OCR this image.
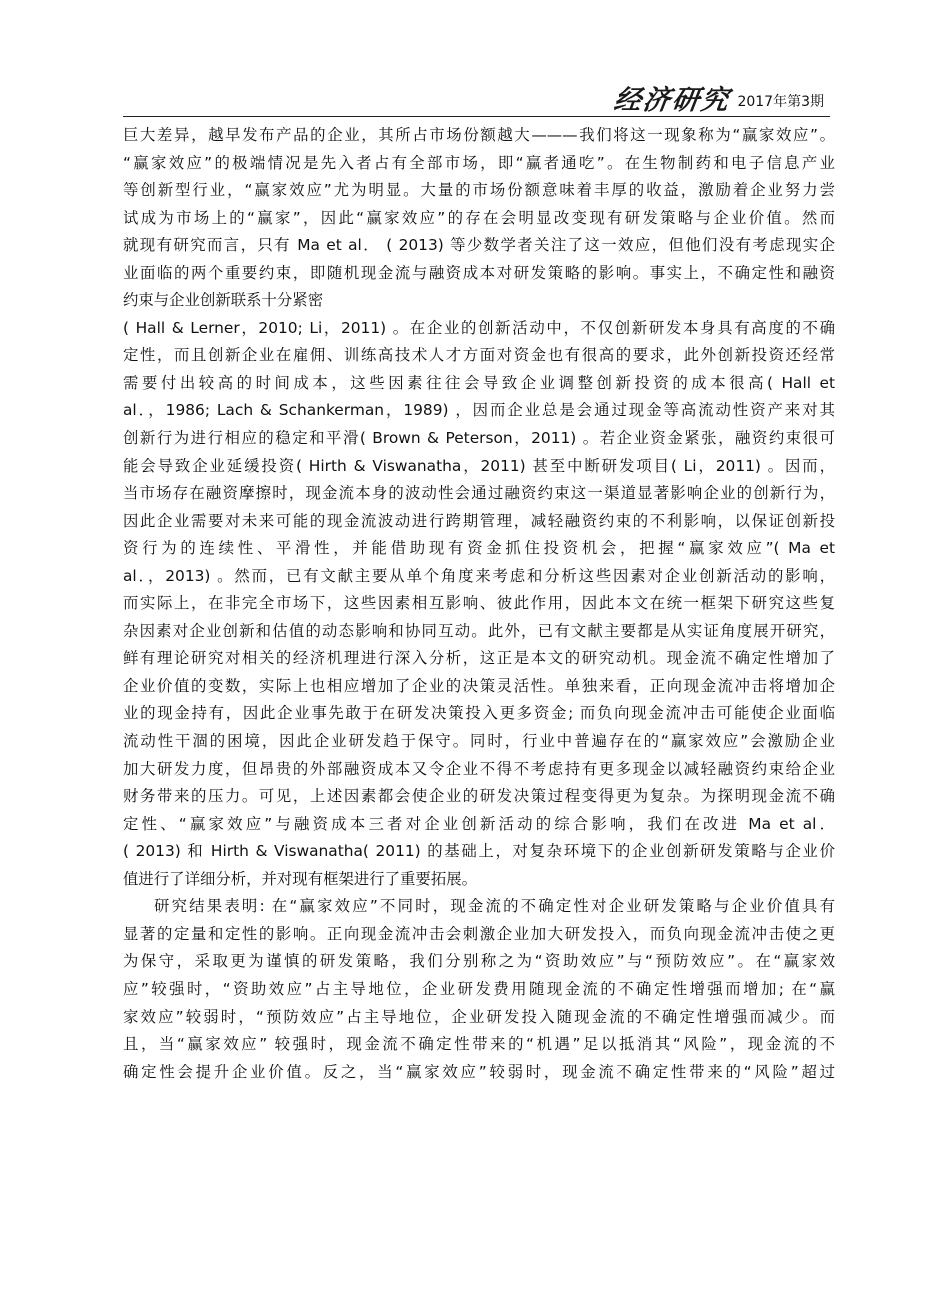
经济研究 2017年第3期
巨大差异，越早发布产品的企业，其所占市场份额越大———我们将这一现象称为“赢家效应”。
“赢家效应”的极端情况是先入者占有全部市场，即“赢者通吃”。在生物制药和电子信息产业
等创新型行业，“赢家效应”尤为明显。大量的市场份额意味着丰厚的收益，激励着企业努力尝
试成为市场上的“赢家”，因此“赢家效应”的存在会明显改变现有研发策略与企业价值。然而
就现有研究而言，只有 Ma et al． ( 2013) 等少数学者关注了这一效应，但他们没有考虑现实企
业面临的两个重要约束，即随机现金流与融资成本对研发策略的影响。事实上，不确定性和融资
约束与企业创新联系十分紧密
( Hall & Lerner，2010; Li，2011) 。在企业的创新活动中，不仅创新研发本身具有高度的不确
定性，而且创新企业在雇佣、训练高技术人才方面对资金也有很高的要求，此外创新投资还经常
需要付出较高的时间成本，这些因素往往会导致企业调整创新投资的成本很高( Hall et
al．，1986; Lach & Schankerman，1989) ，因而企业总是会通过现金等高流动性资产来对其
创新行为进行相应的稳定和平滑( Brown & Peterson，2011) 。若企业资金紧张，融资约束很可
能会导致企业延缓投资( Hirth & Viswanatha，2011) 甚至中断研发项目( Li，2011) 。因而，
当市场存在融资摩擦时，现金流本身的波动性会通过融资约束这一渠道显著影响企业的创新行为，
因此企业需要对未来可能的现金流波动进行跨期管理，减轻融资约束的不利影响，以保证创新投
资行为的连续性、平滑性，并能借助现有资金抓住投资机会，把握“赢家效应”( Ma et
al．，2013) 。然而，已有文献主要从单个角度来考虑和分析这些因素对企业创新活动的影响，
而实际上，在非完全市场下，这些因素相互影响、彼此作用，因此本文在统一框架下研究这些复
杂因素对企业创新和估值的动态影响和协同互动。此外，已有文献主要都是从实证角度展开研究，
鲜有理论研究对相关的经济机理进行深入分析，这正是本文的研究动机。现金流不确定性增加了
企业价值的变数，实际上也相应增加了企业的决策灵活性。单独来看，正向现金流冲击将增加企
业的现金持有，因此企业事先敢于在研发决策投入更多资金; 而负向现金流冲击可能使企业面临
流动性干涸的困境，因此企业研发趋于保守。同时，行业中普遍存在的“赢家效应”会激励企业
加大研发力度，但昂贵的外部融资成本又令企业不得不考虑持有更多现金以减轻融资约束给企业
财务带来的压力。可见，上述因素都会使企业的研发决策过程变得更为复杂。为探明现金流不确
定性、“赢家效应”与融资成本三者对企业创新活动的综合影响，我们在改进 Ma et al．
( 2013) 和 Hirth & Viswanatha( 2011) 的基础上，对复杂环境下的企业创新研发策略与企业价
值进行了详细分析，并对现有框架进行了重要拓展。
研究结果表明: 在“赢家效应”不同时，现金流的不确定性对企业研发策略与企业价值具有
显著的定量和定性的影响。正向现金流冲击会刺激企业加大研发投入，而负向现金流冲击使之更
为保守，采取更为谨慎的研发策略，我们分别称之为“资助效应”与“预防效应”。在“赢家效
应”较强时，“资助效应”占主导地位，企业研发费用随现金流的不确定性增强而增加; 在“赢
家效应”较弱时，“预防效应”占主导地位，企业研发投入随现金流的不确定性增强而减少。而
且，当“赢家效应” 较强时，现金流不确定性带来的“机遇”足以抵消其“风险”，现金流的不
确定性会提升企业价值。反之，当“赢家效应”较弱时，现金流不确定性带来的“风险”超过
